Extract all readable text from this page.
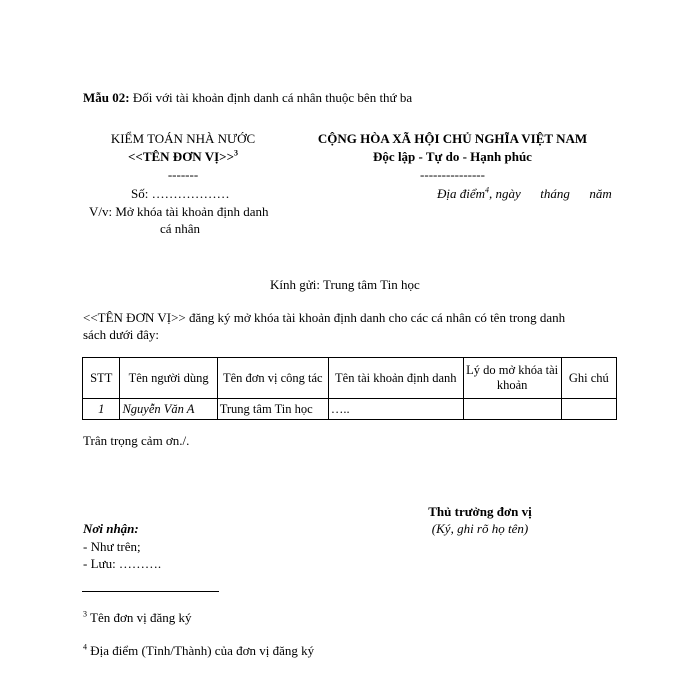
Mẫu 02: Đối với tài khoản định danh cá nhân thuộc bên thứ ba
KIỂM TOÁN NHÀ NƯỚC
<<TÊN ĐƠN VỊ>>$^3$
-------
Số: ………………
V/v: Mở khóa tài khoản định danh
cá nhân
CỘNG HÒA XÃ HỘI CHỦ NGHĨA VIỆT NAM
Độc lập - Tự do - Hạnh phúc
---------------
Địa điểm$^4$, ngày      tháng      năm
Kính gửi: Trung tâm Tin học
<<TÊN ĐƠN VỊ>> đăng ký mở khóa tài khoản định danh cho các cá nhân có tên trong danh
sách dưới đây:
STT	Tên người dùng	Tên đơn vị công tác	Tên tài khoản định danh	Lý do mở khóa tài khoản	Ghi chú
1	Nguyễn Văn A	Trung tâm Tin học	…..		
Trân trọng cảm ơn./.
Thủ trưởng đơn vị
(Ký, ghi rõ họ tên)
Nơi nhận:
- Như trên;
- Lưu: ……….
$^3$ Tên đơn vị đăng ký
$^4$ Địa điểm (Tỉnh/Thành) của đơn vị đăng ký
